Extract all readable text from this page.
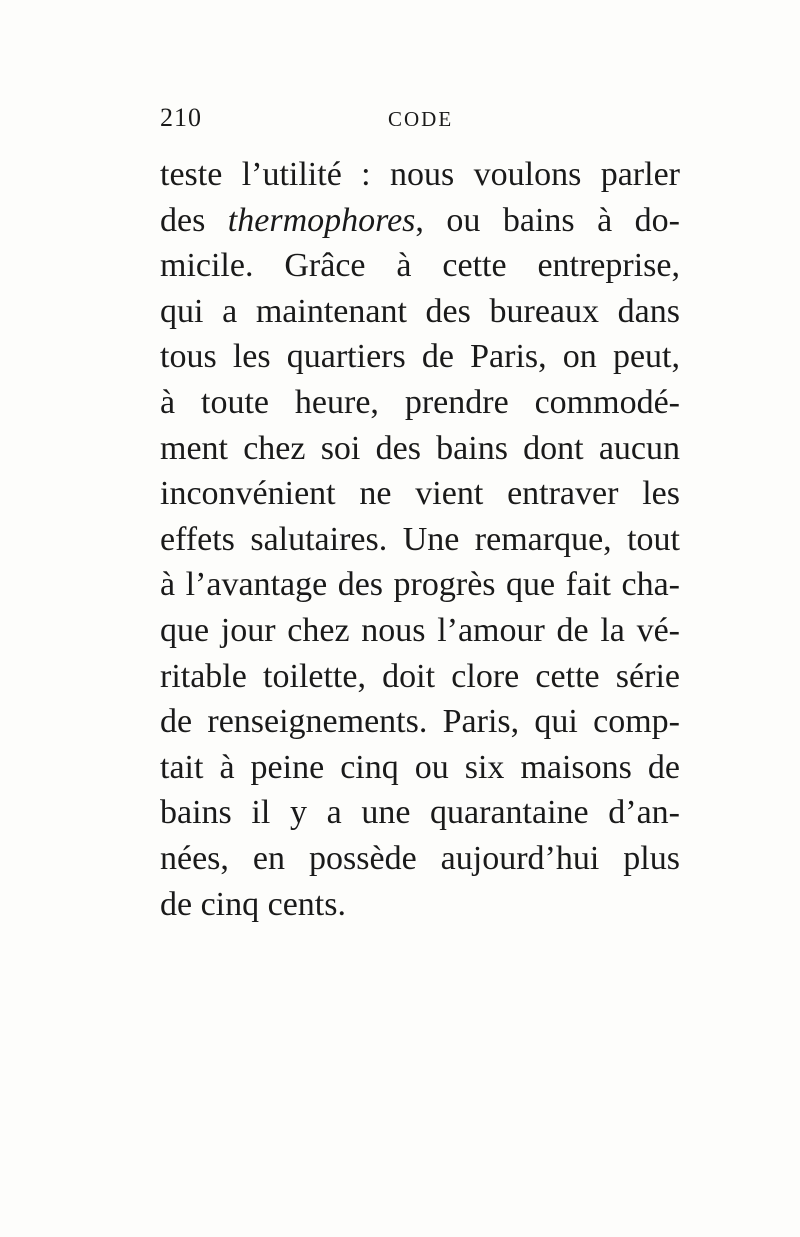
210	CODE
teste l’utilité : nous voulons parler
des thermophores, ou bains à do-
micile. Grâce à cette entreprise,
qui a maintenant des bureaux dans
tous les quartiers de Paris, on peut,
à toute heure, prendre commodé-
ment chez soi des bains dont aucun
inconvénient ne vient entraver les
effets salutaires. Une remarque, tout
à l’avantage des progrès que fait cha-
que jour chez nous l’amour de la vé-
ritable toilette, doit clore cette série
de renseignements. Paris, qui comp-
tait à peine cinq ou six maisons de
bains il y a une quarantaine d’an-
nées, en possède aujourd’hui plus
de cinq cents.
